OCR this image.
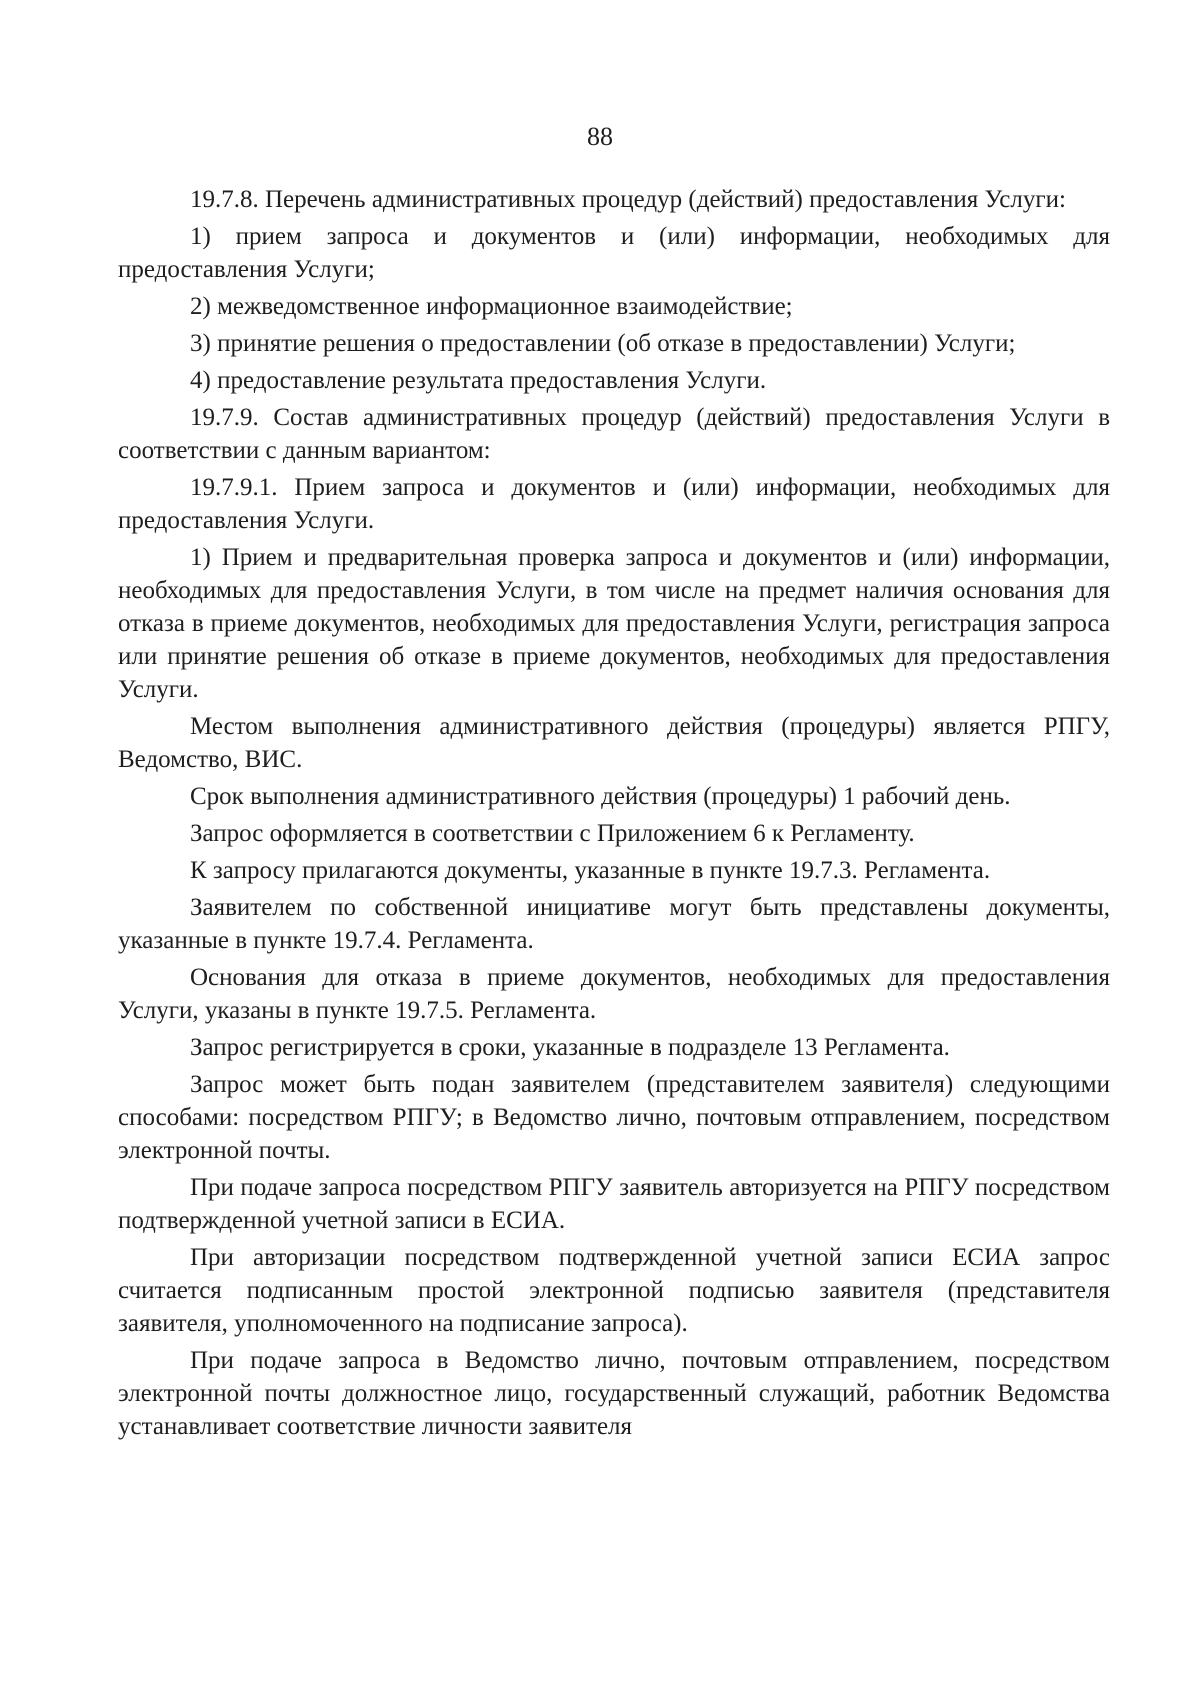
88

19.7.8. Перечень административных процедур (действий) предоставления Услуги:

1) прием запроса и документов и (или) информации, необходимых для предоставления Услуги;

2) межведомственное информационное взаимодействие;

3) принятие решения о предоставлении (об отказе в предоставлении) Услуги;

4) предоставление результата предоставления Услуги.

19.7.9. Состав административных процедур (действий) предоставления Услуги в соответствии с данным вариантом:

19.7.9.1. Прием запроса и документов и (или) информации, необходимых для предоставления Услуги.

1) Прием и предварительная проверка запроса и документов и (или) информации, необходимых для предоставления Услуги, в том числе на предмет наличия основания для отказа в приеме документов, необходимых для предоставления Услуги, регистрация запроса или принятие решения об отказе в приеме документов, необходимых для предоставления Услуги.

Местом выполнения административного действия (процедуры) является РПГУ, Ведомство, ВИС.

Срок выполнения административного действия (процедуры) 1 рабочий день.

Запрос оформляется в соответствии с Приложением 6 к Регламенту.

К запросу прилагаются документы, указанные в пункте 19.7.3. Регламента.

Заявителем по собственной инициативе могут быть представлены документы, указанные в пункте 19.7.4. Регламента.

Основания для отказа в приеме документов, необходимых для предоставления Услуги, указаны в пункте 19.7.5. Регламента.

Запрос регистрируется в сроки, указанные в подразделе 13 Регламента.

Запрос может быть подан заявителем (представителем заявителя) следующими способами: посредством РПГУ; в Ведомство лично, почтовым отправлением, посредством электронной почты.

При подаче запроса посредством РПГУ заявитель авторизуется на РПГУ посредством подтвержденной учетной записи в ЕСИА.

При авторизации посредством подтвержденной учетной записи ЕСИА запрос считается подписанным простой электронной подписью заявителя (представителя заявителя, уполномоченного на подписание запроса).

При подаче запроса в Ведомство лично, почтовым отправлением, посредством электронной почты должностное лицо, государственный служащий, работник Ведомства устанавливает соответствие личности заявителя
